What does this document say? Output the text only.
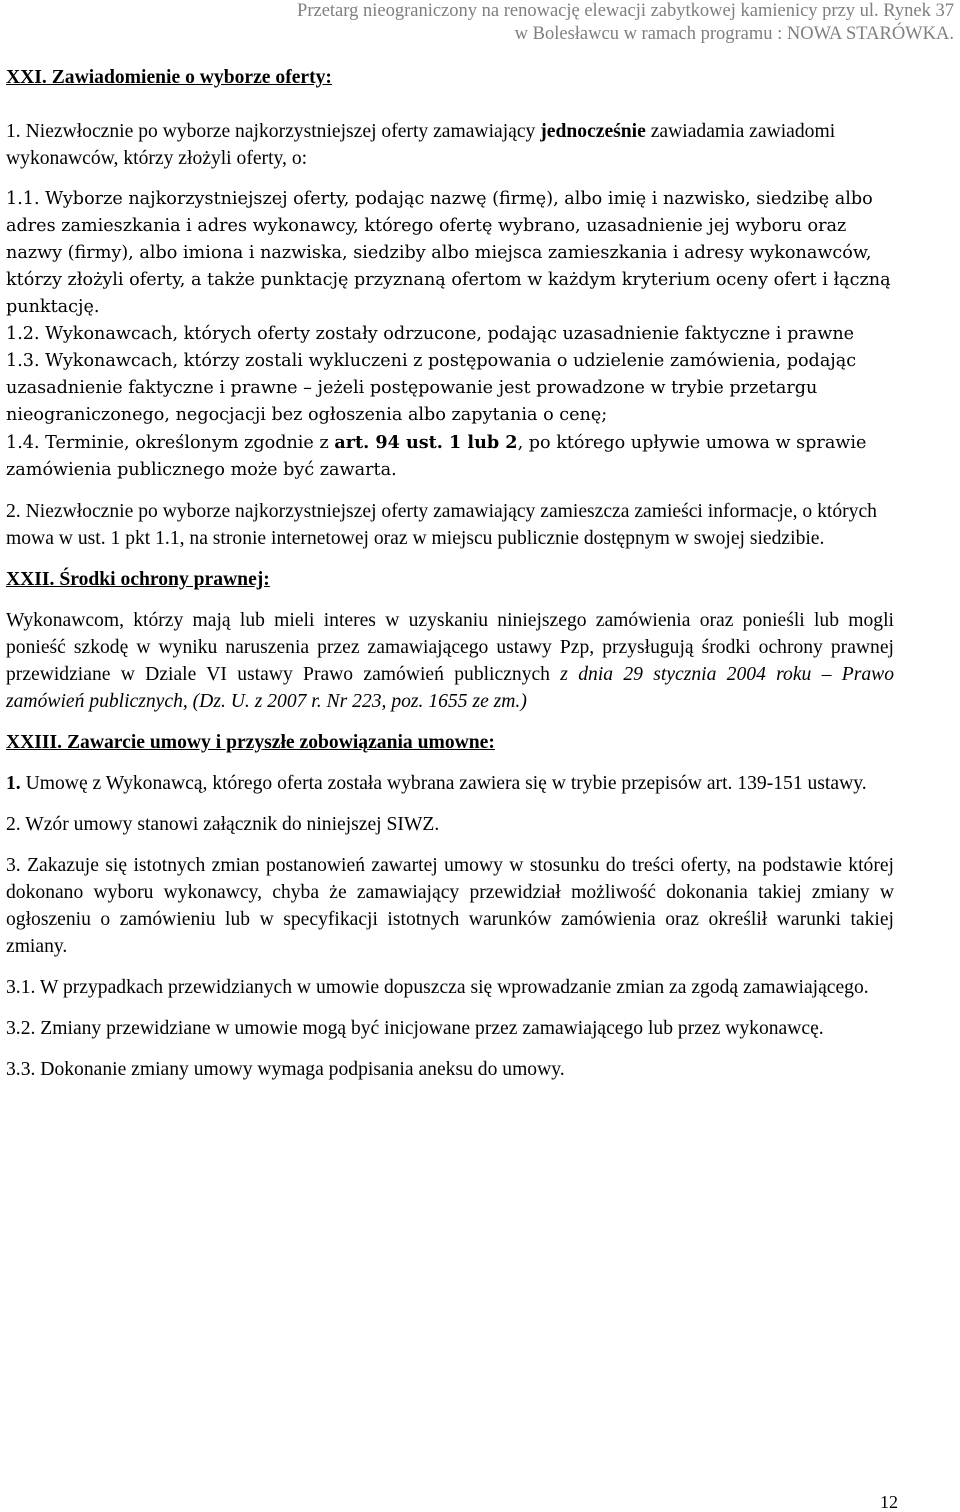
Przetarg nieograniczony na renowację elewacji zabytkowej kamienicy przy ul. Rynek 37
w Bolesławcu w ramach programu : NOWA STARÓWKA.

XXI. Zawiadomienie o wyborze oferty:

1. Niezwłocznie po wyborze najkorzystniejszej oferty zamawiający jednocześnie zawiadamia zawiadomi wykonawców, którzy złożyli oferty, o:

1.1. Wyborze najkorzystniejszej oferty, podając nazwę (firmę), albo imię i nazwisko, siedzibę albo adres zamieszkania i adres wykonawcy, którego ofertę wybrano, uzasadnienie jej wyboru oraz nazwy (firmy), albo imiona i nazwiska, siedziby albo miejsca zamieszkania i adresy wykonawców, którzy złożyli oferty, a także punktację przyznaną ofertom w każdym kryterium oceny ofert i łączną punktację.

1.2. Wykonawcach, których oferty zostały odrzucone, podając uzasadnienie faktyczne i prawne

1.3. Wykonawcach, którzy zostali wykluczeni z postępowania o udzielenie zamówienia, podając uzasadnienie faktyczne i prawne – jeżeli postępowanie jest prowadzone w trybie przetargu nieograniczonego, negocjacji bez ogłoszenia albo zapytania o cenę;

1.4. Terminie, określonym zgodnie z art. 94 ust. 1 lub 2, po którego upływie umowa w sprawie zamówienia publicznego może być zawarta.

2. Niezwłocznie po wyborze najkorzystniejszej oferty zamawiający zamieszcza zamieści informacje, o których mowa w ust. 1 pkt 1.1, na stronie internetowej oraz w miejscu publicznie dostępnym w swojej siedzibie.

XXII. Środki ochrony prawnej:

Wykonawcom, którzy mają lub mieli interes w uzyskaniu niniejszego zamówienia oraz ponieśli lub mogli ponieść szkodę w wyniku naruszenia przez zamawiającego ustawy Pzp, przysługują środki ochrony prawnej przewidziane w Dziale VI ustawy Prawo zamówień publicznych z dnia 29 stycznia 2004 roku – Prawo zamówień publicznych, (Dz. U. z 2007 r. Nr 223, poz. 1655 ze zm.)

XXIII. Zawarcie umowy i przyszłe zobowiązania umowne:

1. Umowę z Wykonawcą, którego oferta została wybrana zawiera się w trybie przepisów art. 139-151 ustawy.

2. Wzór umowy stanowi załącznik do niniejszej SIWZ.

3. Zakazuje się istotnych zmian postanowień zawartej umowy w stosunku do treści oferty, na podstawie której dokonano wyboru wykonawcy, chyba że zamawiający przewidział możliwość dokonania takiej zmiany w ogłoszeniu o zamówieniu lub w specyfikacji istotnych warunków zamówienia oraz określił warunki takiej zmiany.

3.1. W przypadkach przewidzianych w umowie dopuszcza się wprowadzanie zmian za zgodą zamawiającego.

3.2. Zmiany przewidziane w umowie mogą być inicjowane przez zamawiającego lub przez wykonawcę.

3.3. Dokonanie zmiany umowy wymaga podpisania aneksu do umowy.

12
